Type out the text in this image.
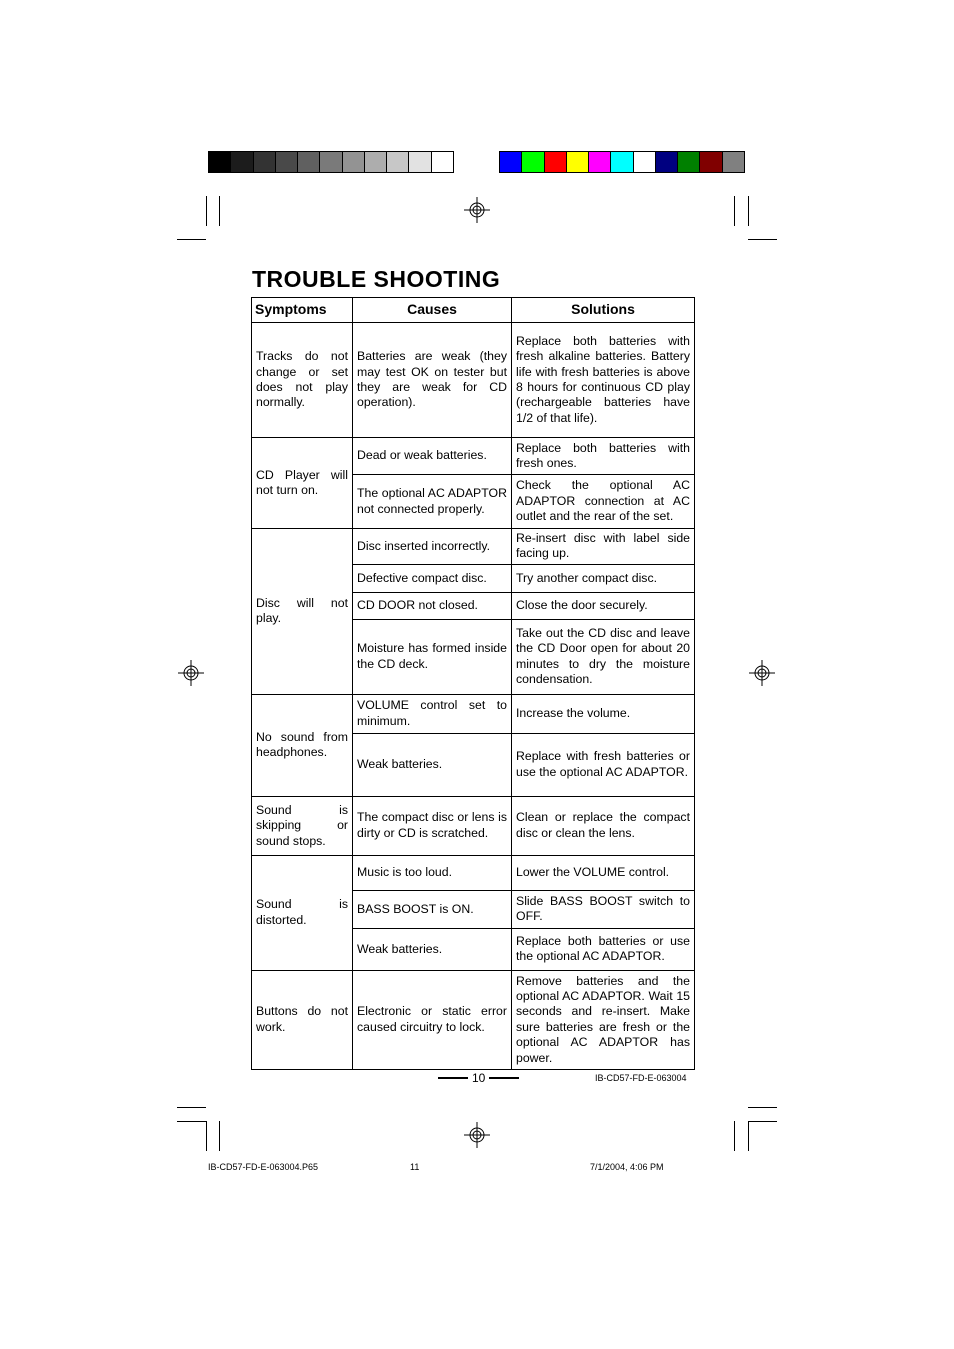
TROUBLE SHOOTING
Symptoms	Causes	Solutions
Tracks do not change or set does not play normally.	Batteries are weak (they may test OK on tester but they are weak for CD operation).	Replace both batteries with fresh alkaline batteries. Battery life with fresh batteries is above 8 hours for continuous CD play (rechargeable batteries have 1/2 of that life).
CD Player will not turn on.	Dead or weak batteries.	Replace both batteries with fresh ones.
	The optional AC ADAPTOR not connected properly.	Check the optional AC ADAPTOR connection at AC outlet and the rear of the set.
Disc will not play.	Disc inserted incorrectly.	Re-insert disc with label side facing up.
	Defective compact disc.	Try another compact disc.
	CD DOOR not closed.	Close the door securely.
	Moisture has formed inside the CD deck.	Take out the CD disc and leave the CD Door open for about 20 minutes to dry the moisture condensation.
No sound from headphones.	VOLUME control set to minimum.	Increase the volume.
	Weak batteries.	Replace with fresh batteries or use the optional AC ADAPTOR.
Sound is skipping or sound stops.	The compact disc or lens is dirty or CD is scratched.	Clean or replace the compact disc or clean the lens.
Sound is distorted.	Music is too loud.	Lower the VOLUME control.
	BASS BOOST is ON.	Slide BASS BOOST switch to OFF.
	Weak batteries.	Replace both batteries or use the optional AC ADAPTOR.
Buttons do not work.	Electronic or static error caused circuitry to lock.	Remove batteries and the optional AC ADAPTOR. Wait 15 seconds and re-insert. Make sure batteries are fresh or the optional AC ADAPTOR has power.
10	IB-CD57-FD-E-063004
IB-CD57-FD-E-063004.P65	11	7/1/2004, 4:06 PM
